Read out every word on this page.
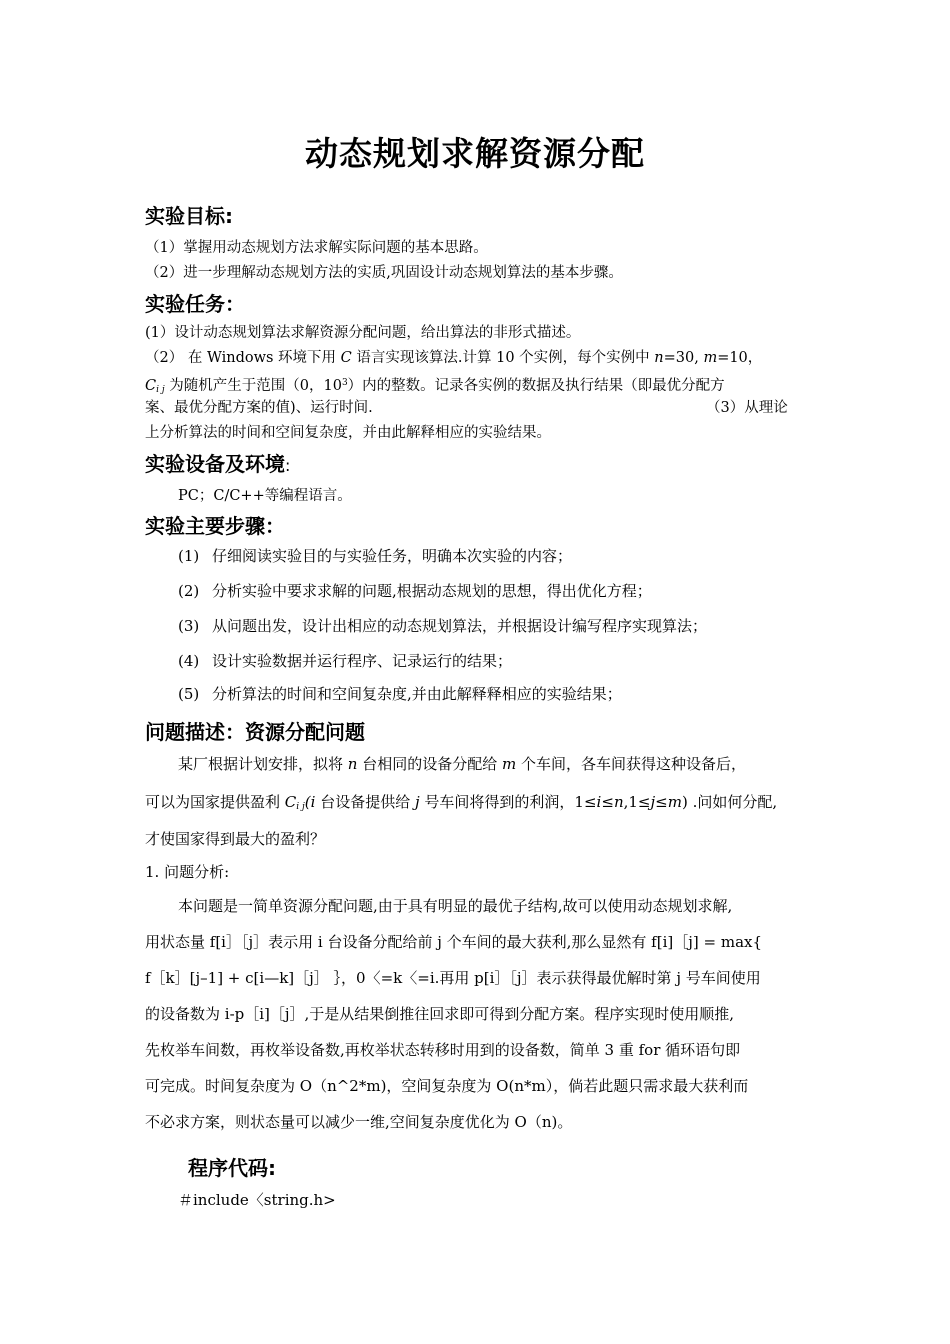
动态规划求解资源分配
实验目标:
（1）掌握用动态规划方法求解实际问题的基本思路。
（2）进一步理解动态规划方法的实质,巩固设计动态规划算法的基本步骤。
实验任务：
(1）设计动态规划算法求解资源分配问题，给出算法的非形式描述。
（2） 在 Windows 环境下用 C 语言实现该算法.计算 10 个实例，每个实例中 n=30, m=10，
$C_{i j}$ 为随机产生于范围（0，$10^3$）内的整数。记录各实例的数据及执行结果（即最优分配方
案、最优分配方案的值)、运行时间.	（3）从理论
上分析算法的时间和空间复杂度，并由此解释相应的实验结果。
实验设备及环境:
PC；C/C++等编程语言。
实验主要步骤：
(1) 仔细阅读实验目的与实验任务，明确本次实验的内容；
(2) 分析实验中要求求解的问题,根据动态规划的思想，得出优化方程；
(3) 从问题出发，设计出相应的动态规划算法，并根据设计编写程序实现算法；
(4) 设计实验数据并运行程序、记录运行的结果；
(5) 分析算法的时间和空间复杂度,并由此解释释相应的实验结果；
问题描述：资源分配问题
某厂根据计划安排，拟将 n 台相同的设备分配给 m 个车间，各车间获得这种设备后，
可以为国家提供盈利 $C_{i j}(i$ 台设备提供给 j 号车间将得到的利润，1≤i≤n,1≤j≤m) .问如何分配,
才使国家得到最大的盈利？
1. 问题分析:
本问题是一简单资源分配问题,由于具有明显的最优子结构,故可以使用动态规划求解,
用状态量 f[i］［j］表示用 i 台设备分配给前 j 个车间的最大获利,那么显然有 f[i]［j] = max{
f［k］[j–1] + c[i—k]［j］ ｝，0〈=k〈=i.再用 p[i］［j］表示获得最优解时第 j 号车间使用
的设备数为 i-p［i]［j］,于是从结果倒推往回求即可得到分配方案。程序实现时使用顺推,
先枚举车间数，再枚举设备数,再枚举状态转移时用到的设备数，简单 3 重 for 循环语句即
可完成。时间复杂度为 O（n^2*m)，空间复杂度为 O(n*m），倘若此题只需求最大获利而
不必求方案，则状态量可以减少一维,空间复杂度优化为 O（n)。
程序代码:
＃include〈string.h>
